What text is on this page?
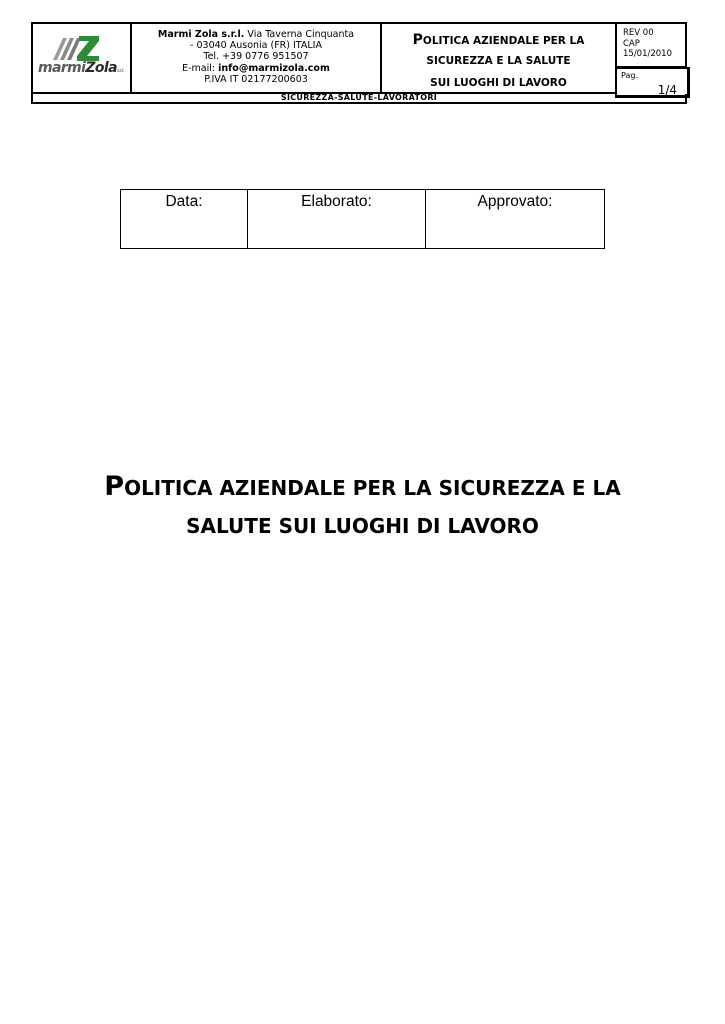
marmiZolas.r.l.
Marmi Zola s.r.l. Via Taverna Cinquanta
- 03040 Ausonia (FR) ITALIA
Tel. +39 0776 951507
E-mail: info@marmizola.com
P.IVA IT 02177200603
POLITICA AZIENDALE PER LA
SICUREZZA E LA SALUTE
SUI LUOGHI DI LAVORO
REV 00
CAP
15/01/2010
Pag.
1/4
SICUREZZA-SALUTE-LAVORATORI
Data:	Elaborato:	Approvato:
POLITICA AZIENDALE PER LA SICUREZZA E LA
SALUTE SUI LUOGHI DI LAVORO
